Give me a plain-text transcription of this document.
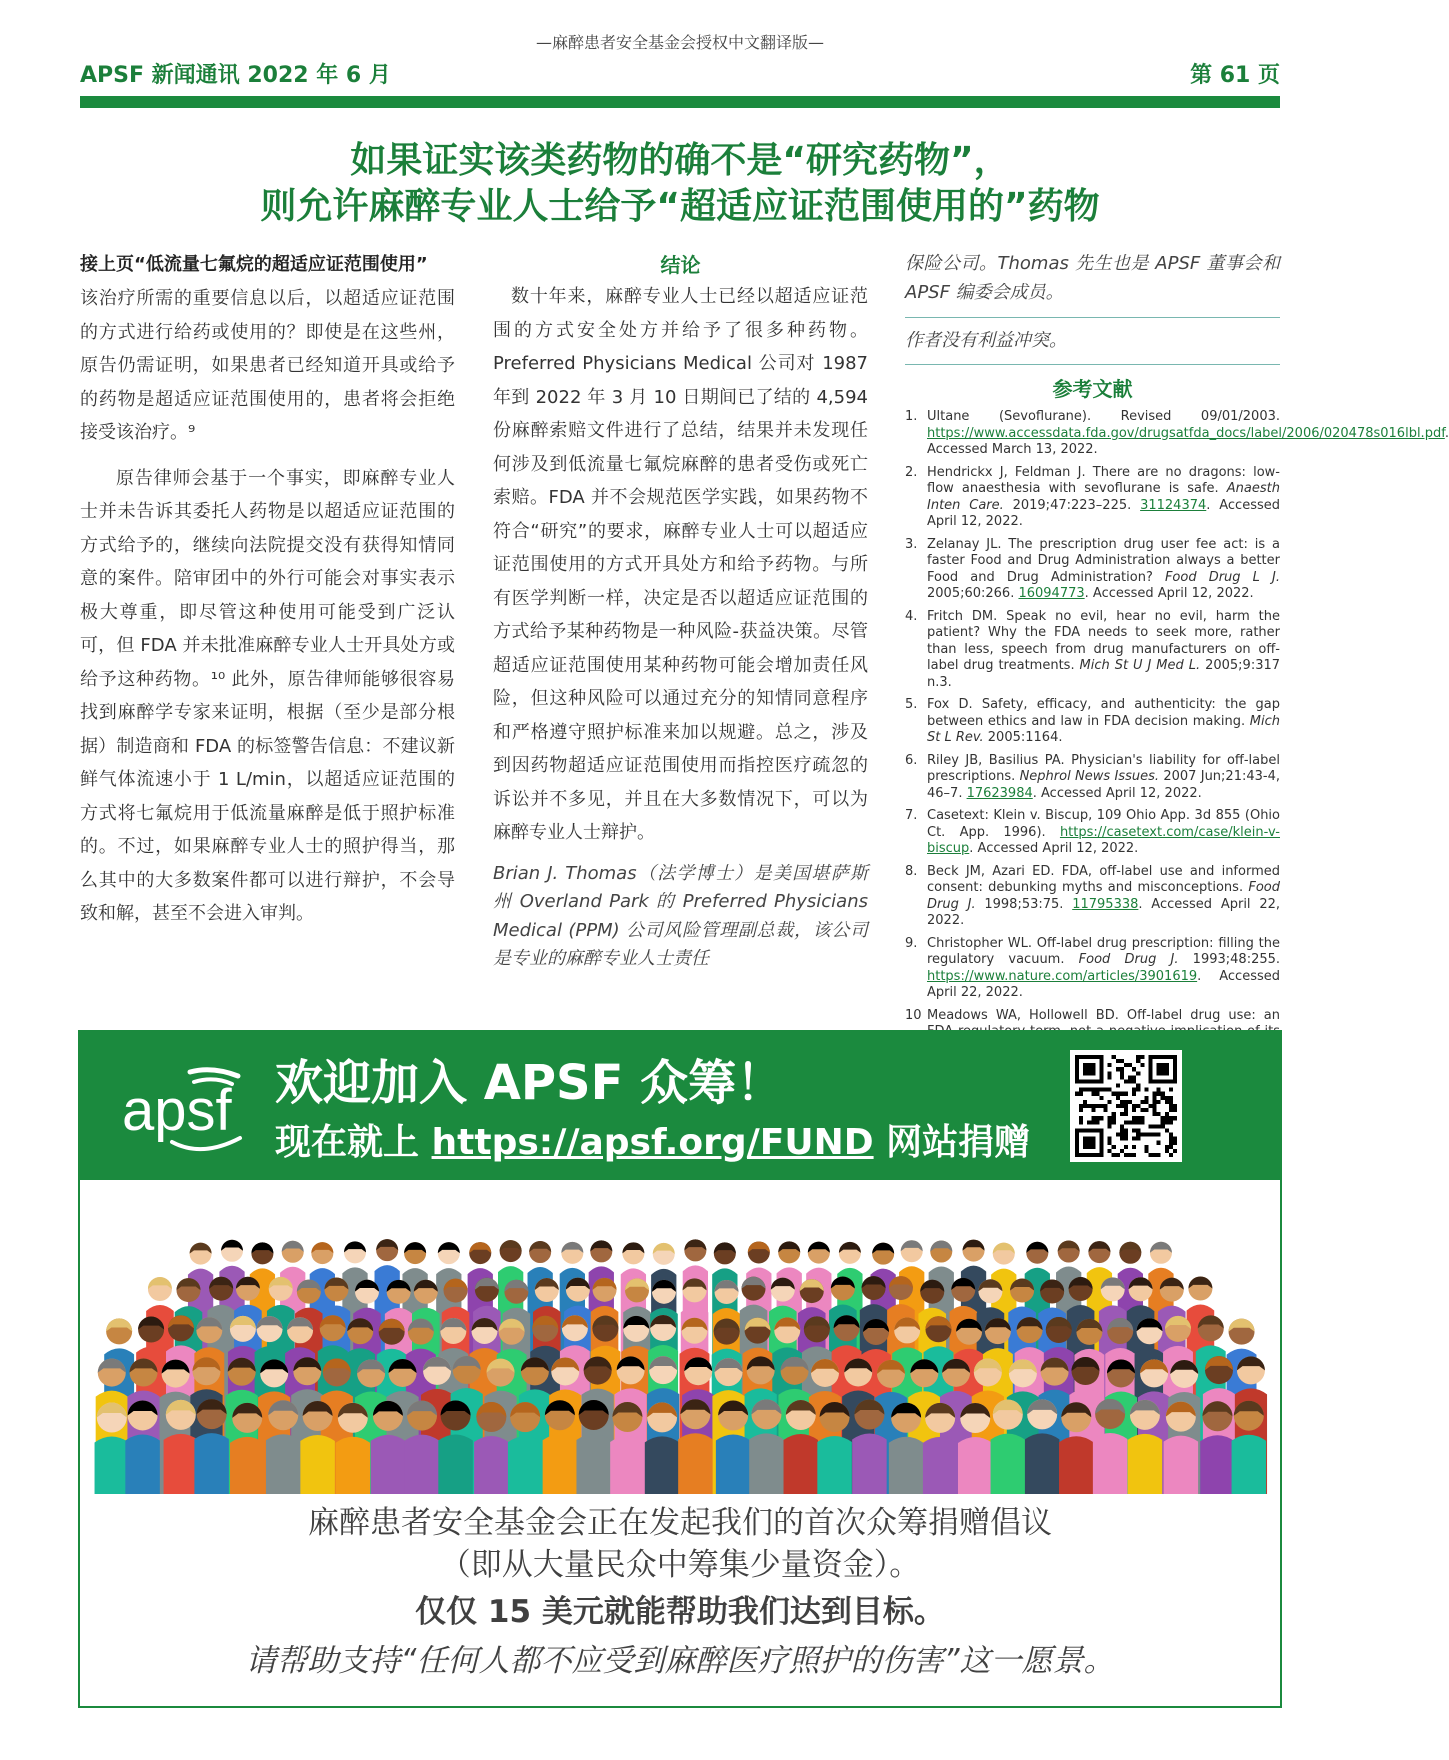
—麻醉患者安全基金会授权中文翻译版—
APSF 新闻通讯 2022 年 6 月	第 61 页
如果证实该类药物的确不是“研究药物”，
则允许麻醉专业人士给予“超适应证范围使用的”药物
接上页“低流量七氟烷的超适应证范围使用”

该治疗所需的重要信息以后，以超适应证范围的方式进行给药或使用的？即使是在这些州，原告仍需证明，如果患者已经知道开具或给予的药物是超适应证范围使用的，患者将会拒绝接受该治疗。⁹

原告律师会基于一个事实，即麻醉专业人士并未告诉其委托人药物是以超适应证范围的方式给予的，继续向法院提交没有获得知情同意的案件。陪审团中的外行可能会对事实表示极大尊重，即尽管这种使用可能受到广泛认可，但 FDA 并未批准麻醉专业人士开具处方或给予这种药物。¹⁰ 此外，原告律师能够很容易找到麻醉学专家来证明，根据（至少是部分根据）制造商和 FDA 的标签警告信息：不建议新鲜气体流速小于 1 L/min，以超适应证范围的方式将七氟烷用于低流量麻醉是低于照护标准的。不过，如果麻醉专业人士的照护得当，那么其中的大多数案件都可以进行辩护，不会导致和解，甚至不会进入审判。

结论

数十年来，麻醉专业人士已经以超适应证范围的方式安全处方并给予了很多种药物。Preferred Physicians Medical 公司对 1987 年到 2022 年 3 月 10 日期间已了结的 4,594 份麻醉索赔文件进行了总结，结果并未发现任何涉及到低流量七氟烷麻醉的患者受伤或死亡索赔。FDA 并不会规范医学实践，如果药物不符合“研究”的要求，麻醉专业人士可以超适应证范围使用的方式开具处方和给予药物。与所有医学判断一样，决定是否以超适应证范围的方式给予某种药物是一种风险-获益决策。尽管超适应证范围使用某种药物可能会增加责任风险，但这种风险可以通过充分的知情同意程序和严格遵守照护标准来加以规避。总之，涉及到因药物超适应证范围使用而指控医疗疏忽的诉讼并不多见，并且在大多数情况下，可以为麻醉专业人士辩护。

Brian J. Thomas（法学博士）是美国堪萨斯州 Overland Park 的 Preferred Physicians Medical (PPM) 公司风险管理副总裁，该公司是专业的麻醉专业人士责任

保险公司。Thomas 先生也是 APSF 董事会和 APSF 编委会成员。

作者没有利益冲突。

参考文献
1. Ultane (Sevoflurane). Revised 09/01/2003. https://www.accessdata.fda.gov/drugsatfda_docs/label/2006/020478s016lbl.pdf. Accessed March 13, 2022.
2. Hendrickx J, Feldman J. There are no dragons: low-flow anaesthesia with sevoflurane is safe. Anaesth Inten Care. 2019;47:223–225. 31124374. Accessed April 12, 2022.
3. Zelanay JL. The prescription drug user fee act: is a faster Food and Drug Administration always a better Food and Drug Administration? Food Drug L J. 2005;60:266. 16094773. Accessed April 12, 2022.
4. Fritch DM. Speak no evil, hear no evil, harm the patient? Why the FDA needs to seek more, rather than less, speech from drug manufacturers on off-label drug treatments. Mich St U J Med L. 2005;9:317 n.3.
5. Fox D. Safety, efficacy, and authenticity: the gap between ethics and law in FDA decision making. Mich St L Rev. 2005:1164.
6. Riley JB, Basilius PA. Physician's liability for off-label prescriptions. Nephrol News Issues. 2007 Jun;21:43-4, 46–7. 17623984. Accessed April 12, 2022.
7. Casetext: Klein v. Biscup, 109 Ohio App. 3d 855 (Ohio Ct. App. 1996). https://casetext.com/case/klein-v-biscup. Accessed April 12, 2022.
8. Beck JM, Azari ED. FDA, off-label use and informed consent: debunking myths and misconceptions. Food Drug J. 1998;53:75. 11795338. Accessed April 22, 2022.
9. Christopher WL. Off-label drug prescription: filling the regulatory vacuum. Food Drug J. 1993;48:255. https://www.nature.com/articles/3901619. Accessed April 22, 2022.
10 Meadows WA, Hollowell BD. Off-label drug use: an
apsf 欢迎加入 APSF 众筹！
现在就上 https://apsf.org/FUND 网站捐赠
麻醉患者安全基金会正在发起我们的首次众筹捐赠倡议
（即从大量民众中筹集少量资金）。
仅仅 15 美元就能帮助我们达到目标。
请帮助支持“任何人都不应受到麻醉医疗照护的伤害”这一愿景。
